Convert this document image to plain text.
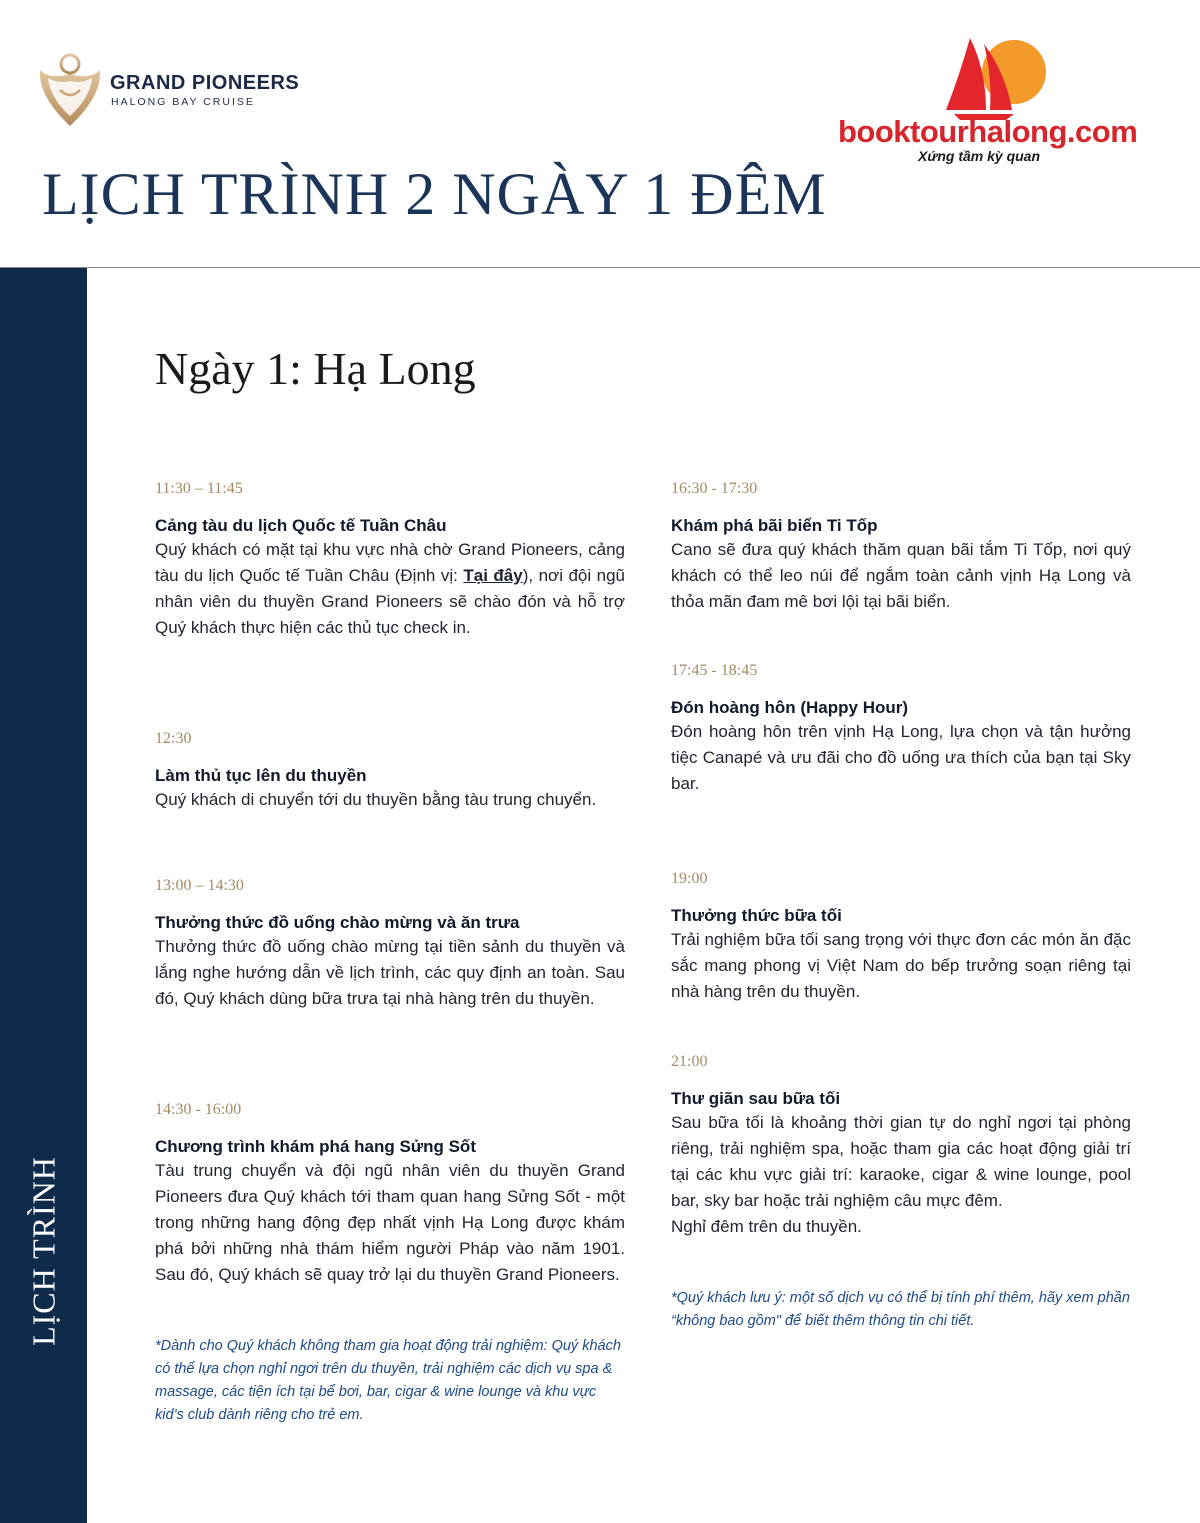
GRAND PIONEERS
HALONG BAY CRUISE
booktourhalong.com
Xứng tầm kỳ quan
LỊCH TRÌNH 2 NGÀY 1 ĐÊM
LỊCH TRÌNH
Ngày 1: Hạ Long
11:30 – 11:45
Cảng tàu du lịch Quốc tế Tuần Châu
Quý khách có mặt tại khu vực nhà chờ Grand Pioneers, cảng tàu du lịch Quốc tế Tuần Châu (Định vị: Tại đây), nơi đội ngũ nhân viên du thuyền Grand Pioneers sẽ chào đón và hỗ trợ Quý khách thực hiện các thủ tục check in.
12:30
Làm thủ tục lên du thuyền
Quý khách di chuyển tới du thuyền bằng tàu trung chuyển.
13:00 – 14:30
Thưởng thức đồ uống chào mừng và ăn trưa
Thưởng thức đồ uống chào mừng tại tiền sảnh du thuyền và lắng nghe hướng dẫn về lịch trình, các quy định an toàn. Sau đó, Quý khách dùng bữa trưa tại nhà hàng trên du thuyền.
14:30 - 16:00
Chương trình khám phá hang Sửng Sốt
Tàu trung chuyển và đội ngũ nhân viên du thuyền Grand Pioneers đưa Quý khách tới tham quan hang Sửng Sốt - một trong những hang động đẹp nhất vịnh Hạ Long được khám phá bởi những nhà thám hiểm người Pháp vào năm 1901. Sau đó, Quý khách sẽ quay trở lại du thuyền Grand Pioneers.
*Dành cho Quý khách không tham gia hoạt động trải nghiệm: Quý khách có thể lựa chọn nghỉ ngơi trên du thuyền, trải nghiệm các dịch vụ spa & massage, các tiện ích tại bể bơi, bar, cigar & wine lounge và khu vực kid’s club dành riêng cho trẻ em.
16:30 - 17:30
Khám phá bãi biển Ti Tốp
Cano sẽ đưa quý khách thăm quan bãi tắm Ti Tốp, nơi quý khách có thể leo núi để ngắm toàn cảnh vịnh Hạ Long và thỏa mãn đam mê bơi lội tại bãi biển.
17:45 - 18:45
Đón hoàng hôn (Happy Hour)
Đón hoàng hôn trên vịnh Hạ Long, lựa chọn và tận hưởng tiệc Canapé và ưu đãi cho đồ uống ưa thích của bạn tại Sky bar.
19:00
Thưởng thức bữa tối
Trải nghiệm bữa tối sang trọng với thực đơn các món ăn đặc sắc mang phong vị Việt Nam do bếp trưởng soạn riêng tại nhà hàng trên du thuyền.
21:00
Thư giãn sau bữa tối
Sau bữa tối là khoảng thời gian tự do nghỉ ngơi tại phòng riêng, trải nghiệm spa, hoặc tham gia các hoạt động giải trí tại các khu vực giải trí: karaoke, cigar & wine lounge, pool bar, sky bar hoặc trải nghiệm câu mực đêm.
Nghỉ đêm trên du thuyền.
*Quý khách lưu ý: một số dịch vụ có thể bị tính phí thêm, hãy xem phần “không bao gồm" để biết thêm thông tin chi tiết.
